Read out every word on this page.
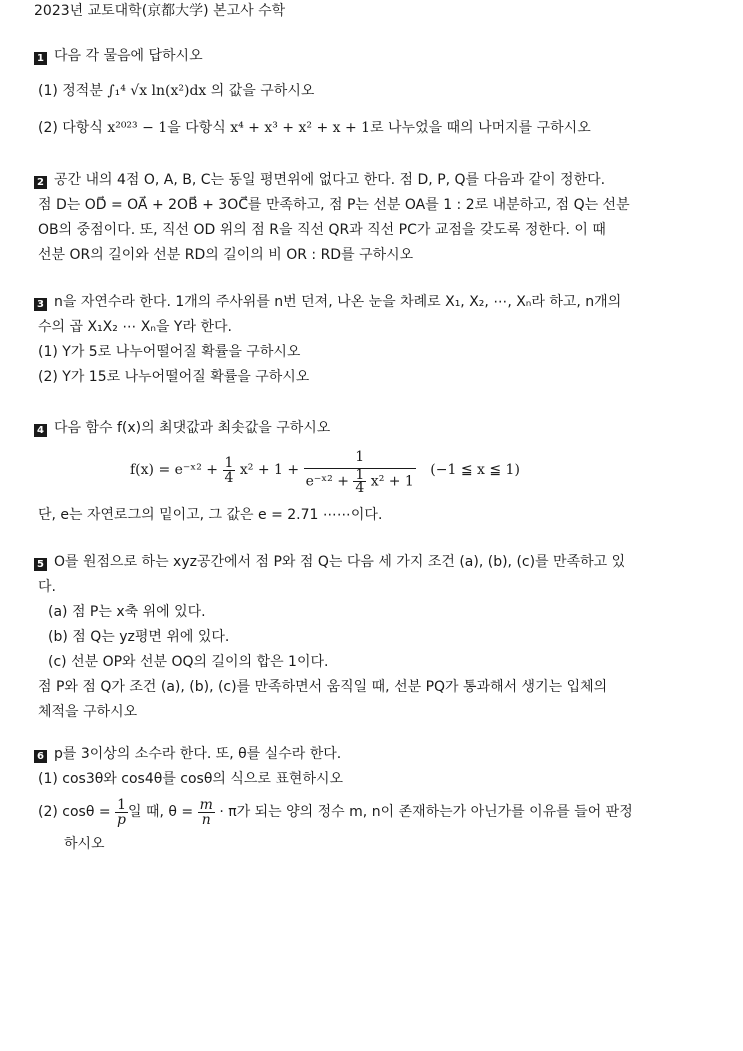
2023년 교토대학(京都大学) 본고사 수학
1 다음 각 물음에 답하시오
(1) 정적분 ∫₁⁴ √x ln(x²)dx 의 값을 구하시오
(2) 다항식 x²⁰²³ − 1을 다항식 x⁴ + x³ + x² + x + 1로 나누었을 때의 나머지를 구하시오
2 공간 내의 4점 O, A, B, C는 동일 평면위에 없다고 한다. 점 D, P, Q를 다음과 같이 정한다.
점 D는 OD⃗ = OA⃗ + 2OB⃗ + 3OC⃗를 만족하고, 점 P는 선분 OA를 1 : 2로 내분하고, 점 Q는 선분
OB의 중점이다. 또, 직선 OD 위의 점 R을 직선 QR과 직선 PC가 교점을 갖도록 정한다. 이 때
선분 OR의 길이와 선분 RD의 길이의 비 OR : RD를 구하시오
3 n을 자연수라 한다. 1개의 주사위를 n번 던져, 나온 눈을 차례로 X₁, X₂, ⋯, Xₙ라 하고, n개의
수의 곱 X₁X₂ ⋯ Xₙ을 Y라 한다.
(1) Y가 5로 나누어떨어질 확률을 구하시오
(2) Y가 15로 나누어떨어질 확률을 구하시오
4 다음 함수 f(x)의 최댓값과 최솟값을 구하시오
f(x) = e⁻ˣ² + $\frac{1}{4} x^2 + 1 + \frac{1}{e^-ˣ^2 + \frac{1}{4} x^2 + 1} (-1$ ≦ x ≦ 1)
단, e는 자연로그의 밑이고, 그 값은 e = 2.71 ⋯⋯이다.
5 O를 원점으로 하는 xyz공간에서 점 P와 점 Q는 다음 세 가지 조건 (a), (b), (c)를 만족하고 있
다.
(a) 점 P는 x축 위에 있다.
(b) 점 Q는 yz평면 위에 있다.
(c) 선분 OP와 선분 OQ의 길이의 합은 1이다.
점 P와 점 Q가 조건 (a), (b), (c)를 만족하면서 움직일 때, 선분 PQ가 통과해서 생기는 입체의
체적을 구하시오
6 p를 3이상의 소수라 한다. 또, θ를 실수라 한다.
(1) cos3θ와 cos4θ를 cosθ의 식으로 표현하시오
(2) $\cos\theta = \frac{1}{p}$ 일 때, $\theta = \frac{m}{n} \cdot \pi$가 되는 양의 정수 m, n이 존재하는가 아닌가를 이유를 들어 판정
하시오
